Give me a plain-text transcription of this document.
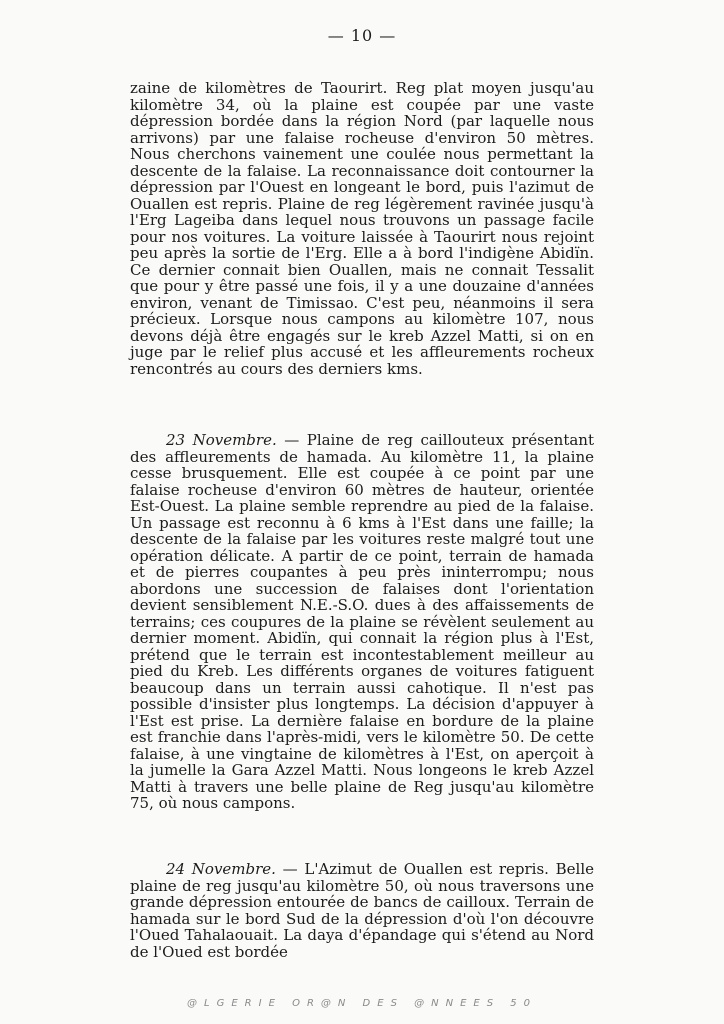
— 10 —

zaine de kilomètres de Taourirt. Reg plat moyen jusqu'au kilomètre 34, où la plaine est coupée par une vaste dépression bordée dans la région Nord (par laquelle nous arrivons) par une falaise rocheuse d'environ 50 mètres. Nous cherchons vainement une coulée nous permettant la descente de la falaise. La reconnaissance doit contourner la dépression par l'Ouest en longeant le bord, puis l'azimut de Ouallen est repris. Plaine de reg légèrement ravinée jusqu'à l'Erg Lageiba dans lequel nous trouvons un passage facile pour nos voitures. La voiture laissée à Taourirt nous rejoint peu après la sortie de l'Erg. Elle a à bord l'indigène Abidïn. Ce dernier connait bien Ouallen, mais ne connait Tessalit que pour y être passé une fois, il y a une douzaine d'années environ, venant de Timissao. C'est peu, néanmoins il sera précieux. Lorsque nous campons au kilomètre 107, nous devons déjà être engagés sur le kreb Azzel Matti, si on en juge par le relief plus accusé et les affleurements rocheux rencontrés au cours des derniers kms.

23 Novembre. — Plaine de reg caillouteux présentant des affleurements de hamada. Au kilomètre 11, la plaine cesse brusquement. Elle est coupée à ce point par une falaise rocheuse d'environ 60 mètres de hauteur, orientée Est-Ouest. La plaine semble reprendre au pied de la falaise. Un passage est reconnu à 6 kms à l'Est dans une faille; la descente de la falaise par les voitures reste malgré tout une opération délicate. A partir de ce point, terrain de hamada et de pierres coupantes à peu près ininterrompu; nous abordons une succession de falaises dont l'orientation devient sensiblement N.E.-S.O. dues à des affaissements de terrains; ces coupures de la plaine se révèlent seulement au dernier moment. Abidïn, qui connait la région plus à l'Est, prétend que le terrain est incontestablement meilleur au pied du Kreb. Les différents organes de voitures fatiguent beaucoup dans un terrain aussi cahotique. Il n'est pas possible d'insister plus longtemps. La décision d'appuyer à l'Est est prise. La dernière falaise en bordure de la plaine est franchie dans l'après-midi, vers le kilomètre 50. De cette falaise, à une vingtaine de kilomètres à l'Est, on aperçoit à la jumelle la Gara Azzel Matti. Nous longeons le kreb Azzel Matti à travers une belle plaine de Reg jusqu'au kilomètre 75, où nous campons.

24 Novembre. — L'Azimut de Ouallen est repris. Belle plaine de reg jusqu'au kilomètre 50, où nous traversons une grande dépression entourée de bancs de cailloux. Terrain de hamada sur le bord Sud de la dépression d'où l'on découvre l'Oued Tahalaouait. La daya d'épandage qui s'étend au Nord de l'Oued est bordée

@LGERIE OR@N DES @NNEES 50
